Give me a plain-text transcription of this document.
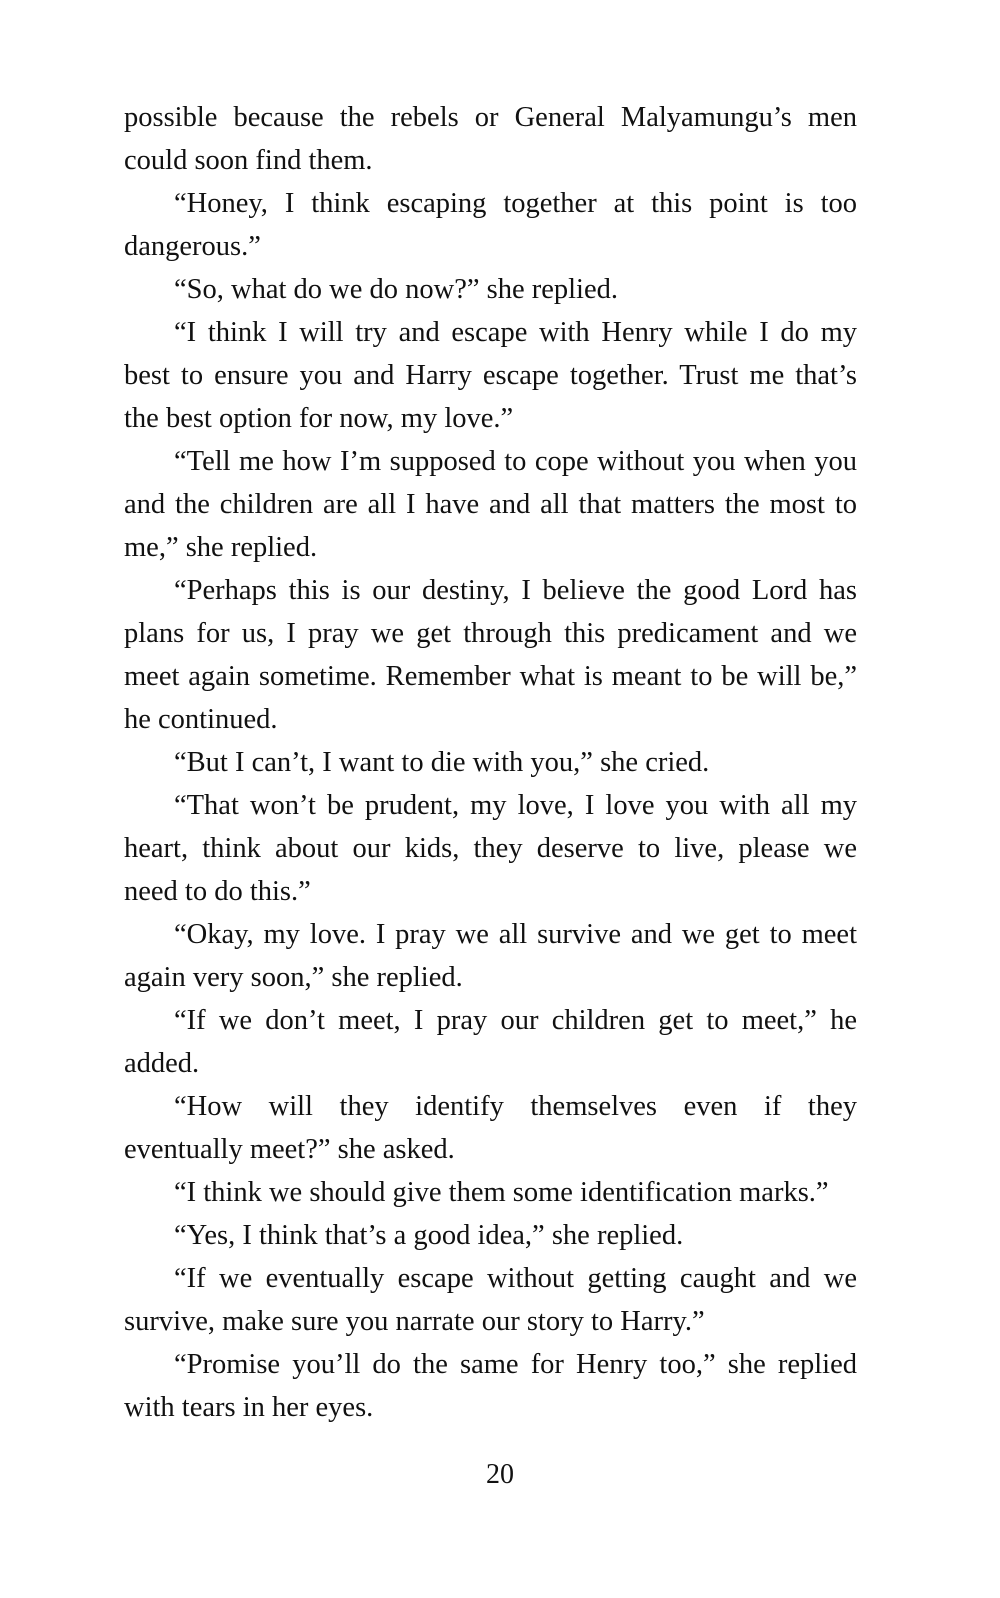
possible because the rebels or General Malyamungu’s men
could soon find them.
“Honey, I think escaping together at this point is too
dangerous.”
“So, what do we do now?” she replied.
“I think I will try and escape with Henry while I do my
best to ensure you and Harry escape together. Trust me that’s
the best option for now, my love.”
“Tell me how I’m supposed to cope without you when you
and the children are all I have and all that matters the most to
me,” she replied.
“Perhaps this is our destiny, I believe the good Lord has
plans for us, I pray we get through this predicament and we
meet again sometime. Remember what is meant to be will be,”
he continued.
“But I can’t, I want to die with you,” she cried.
“That won’t be prudent, my love, I love you with all my
heart, think about our kids, they deserve to live, please we
need to do this.”
“Okay, my love. I pray we all survive and we get to meet
again very soon,” she replied.
“If we don’t meet, I pray our children get to meet,” he
added.
“How will they identify themselves even if they
eventually meet?” she asked.
“I think we should give them some identification marks.”
“Yes, I think that’s a good idea,” she replied.
“If we eventually escape without getting caught and we
survive, make sure you narrate our story to Harry.”
“Promise you’ll do the same for Henry too,” she replied
with tears in her eyes.
20
